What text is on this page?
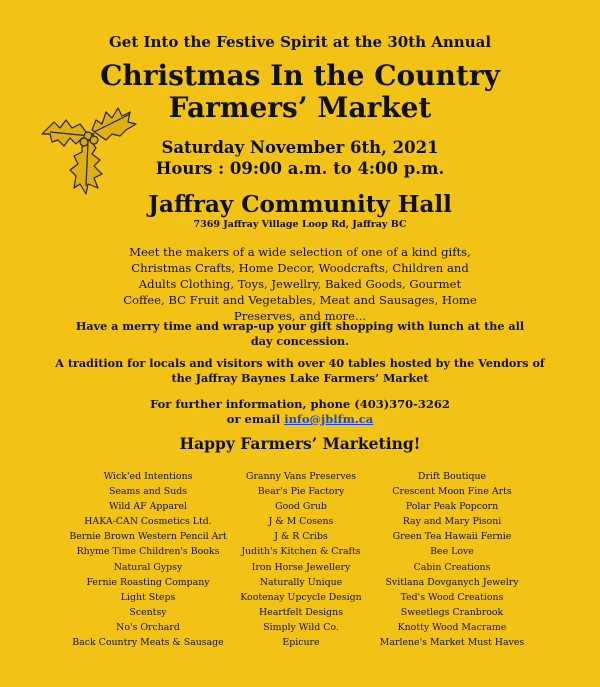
Get Into the Festive Spirit at the 30th Annual
Christmas In the Country
Farmers’ Market
Saturday November 6th, 2021
Hours : 09:00 a.m. to 4:00 p.m.
Jaffray Community Hall
7369 Jaffray Village Loop Rd, Jaffray BC
Meet the makers of a wide selection of one of a kind gifts, Christmas Crafts, Home Decor, Woodcrafts, Children and Adults Clothing, Toys, Jewellry, Baked Goods, Gourmet Coffee, BC Fruit and Vegetables, Meat and Sausages, Home Preserves, and more...
Have a merry time and wrap-up your gift shopping with lunch at the all day concession.
A tradition for locals and visitors with over 40 tables hosted by the Vendors of the Jaffray Baynes Lake Farmers’ Market
For further information, phone (403)370-3262
or email info@jblfm.ca
Happy Farmers’ Marketing!
Wick'ed Intentions
Seams and Suds
Wild AF Apparel
HAKA-CAN Cosmetics Ltd.
Bernie Brown Western Pencil Art
Rhyme Time Children's Books
Natural Gypsy
Fernie Roasting Company
Light Steps
Scentsy
No's Orchard
Back Country Meats & Sausage
Granny Vans Preserves
Bear's Pie Factory
Good Grub
J & M Cosens
J & R Cribs
Judith's Kitchen & Crafts
Iron Horse Jewellery
Naturally Unique
Kootenay Upcycle Design
Heartfelt Designs
Simply Wild Co.
Epicure
Drift Boutique
Crescent Moon Fine Arts
Polar Peak Popcorn
Ray and Mary Pisoni
Green Tea Hawaii Fernie
Bee Love
Cabin Creations
Svitlana Dovganych Jewelry
Ted's Wood Creations
Sweetlegs Cranbrook
Knotty Wood Macrame
Marlene's Market Must Haves
